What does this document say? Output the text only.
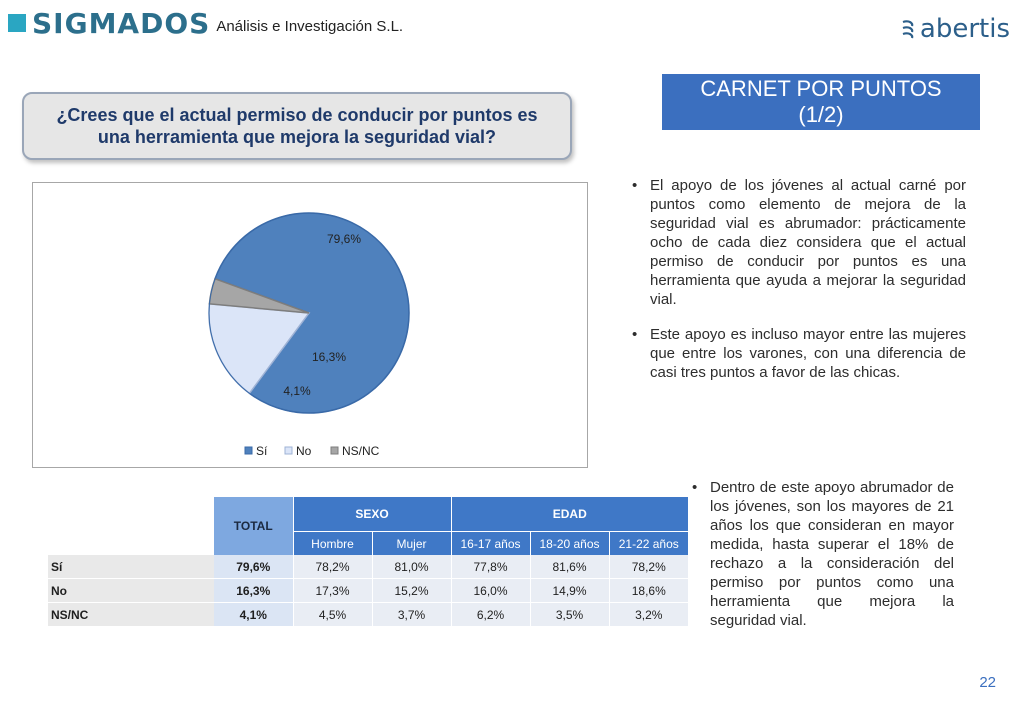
SIGMADOS Análisis e Investigación S.L.	abertis
CARNET POR PUNTOS
(1/2)
¿Crees que el actual permiso de conducir por puntos es una herramienta que mejora la seguridad vial?
79,6%
16,3%
4,1%
Sí No	NS/NC
• El apoyo de los jóvenes al actual carné por puntos como elemento de mejora de la seguridad vial es abrumador: prácticamente ocho de cada diez considera que el actual permiso de conducir por puntos es una herramienta que ayuda a mejorar la seguridad vial.
• Este apoyo es incluso mayor entre las mujeres que entre los varones, con una diferencia de casi tres puntos a favor de las chicas.
• Dentro de este apoyo abrumador de los jóvenes, son los mayores de 21 años los que consideran en mayor medida, hasta superar el 18% de rechazo a la consideración del permiso por puntos como una herramienta que mejora la seguridad vial.
	TOTAL	SEXO		EDAD		
		Hombre	Mujer	16-17 años	18-20 años	21-22 años
Sí	79,6%	78,2%	81,0%	77,8%	81,6%	78,2%
No	16,3%	17,3%	15,2%	16,0%	14,9%	18,6%
NS/NC	4,1%	4,5%	3,7%	6,2%	3,5%	3,2%
22
